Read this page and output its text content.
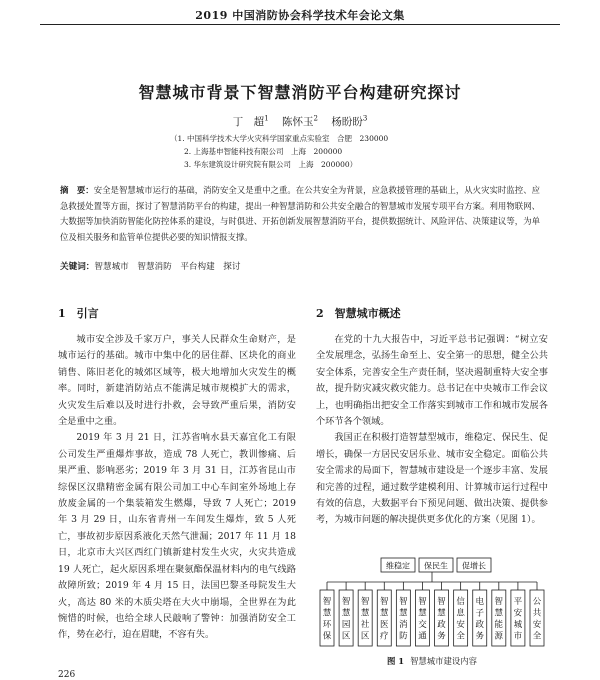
2019 中国消防协会科学技术年会论文集
智慧城市背景下智慧消防平台构建研究探讨
丁　超$^1$ 陈怀玉$^2$ 杨盼盼$^3$
（1. 中国科学技术大学火灾科学国家重点实验室　合肥　230000
2. 上海基申智能科技有限公司　上海　200000
3. 华东建筑设计研究院有限公司　上海　200000）
摘　要：安全是智慧城市运行的基础，消防安全又是重中之重。在公共安全为背景，应急救援管理的基础上，从火灾实时监控、应急救援处置等方面，探讨了智慧消防平台的构建，提出一种智慧消防和公共安全融合的智慧城市发展专项平台方案。利用物联网、大数据等加快消防智能化防控体系的建设，与时俱进、开拓创新发展智慧消防平台，提供数据统计、风险评估、决策建议等，为单位及相关服务和监管单位提供必要的知识情报支撑。
关键词：智慧城市　智慧消防　平台构建　探讨
1　引言

城市安全涉及千家万户，事关人民群众生命财产，是城市运行的基础。城市中集中化的居住群、区块化的商业销售、陈旧老化的城郊区域等，极大地增加火灾发生的概率。同时，新建消防站点不能满足城市规模扩大的需求，火灾发生后难以及时进行扑救，会导致严重后果，消防安全是重中之重。

2019 年 3 月 21 日，江苏省响水县天嘉宜化工有限公司发生严重爆炸事故，造成 78 人死亡，教训惨痛、后果严重、影响恶劣；2019 年 3 月 31 日，江苏省昆山市综保区汉鼎精密金属有限公司加工中心车间室外场地上存放废金属的一个集装箱发生燃爆，导致 7 人死亡；2019 年 3 月 29 日，山东省青州一车间发生爆炸，致 5 人死亡，事故初步原因系液化天然气泄漏；2017 年 11 月 18 日，北京市大兴区西红门镇新建村发生火灾，火灾共造成 19 人死亡，起火原因系埋在聚氨酯保温材料内的电气线路故障所致；2019 年 4 月 15 日，法国巴黎圣母院发生大火，高达 80 米的木质尖塔在大火中崩塌，全世界在为此惋惜的时候，也给全球人民敲响了警钟：加强消防安全工作，势在必行，迫在眉睫，不容有失。

2　智慧城市概述

在党的十九大报告中，习近平总书记强调：“树立安全发展理念，弘扬生命至上、安全第一的思想，健全公共安全体系，完善安全生产责任制，坚决遏制重特大安全事故，提升防灾减灾救灾能力。总书记在中央城市工作会议上，也明确指出把安全工作落实到城市工作和城市发展各个环节各个领域。

我国正在积极打造智慧型城市，维稳定、保民生、促增长，确保一方居民安居乐业、城市安全稳定。面临公共安全需求的局面下，智慧城市建设是一个逐步丰富、发展和完善的过程，通过数学建模利用、计算城市运行过程中有效的信息，大数据平台下预见问题、做出决策、提供参考，为城市问题的解决提供更多优化的方案（见图 1）。

维稳定 保民生 促增长
智慧环保
智慧园区
智慧社区
智慧医疗
智慧消防
智慧交通
智慧政务
信息安全
电子政务
智慧能源
平安城市
公共安全
图 1 智慧城市建设内容
226
